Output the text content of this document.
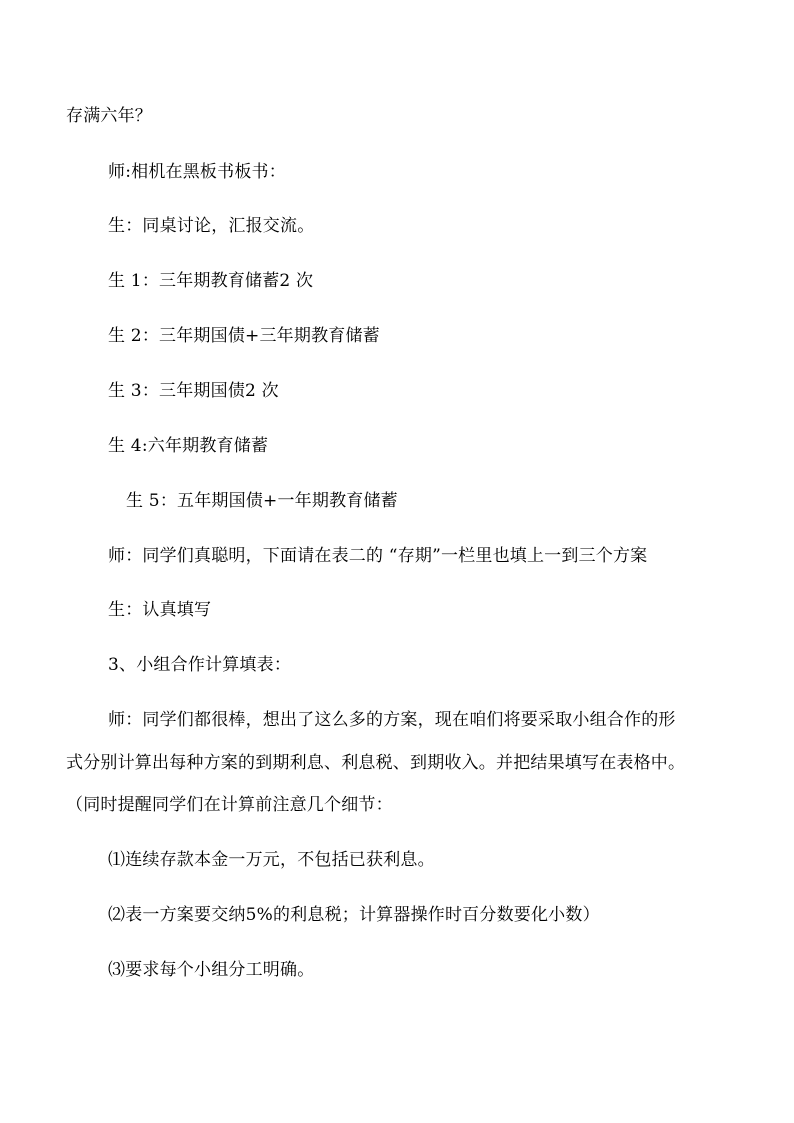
存满六年？
师:相机在黑板书板书：
生：同桌讨论，汇报交流。
生 1：三年期教育储蓄2 次
生 2：三年期国债+三年期教育储蓄
生 3：三年期国债2 次
生 4:六年期教育储蓄
生 5：五年期国债+一年期教育储蓄
师：同学们真聪明，下面请在表二的 “存期”一栏里也填上一到三个方案
生：认真填写
3、小组合作计算填表：
师：同学们都很棒，想出了这么多的方案，现在咱们将要采取小组合作的形
式分别计算出每种方案的到期利息、利息税、到期收入。并把结果填写在表格中。
（同时提醒同学们在计算前注意几个细节：
⑴连续存款本金一万元，不包括已获利息。
⑵表一方案要交纳5%的利息税；计算器操作时百分数要化小数）
⑶要求每个小组分工明确。
